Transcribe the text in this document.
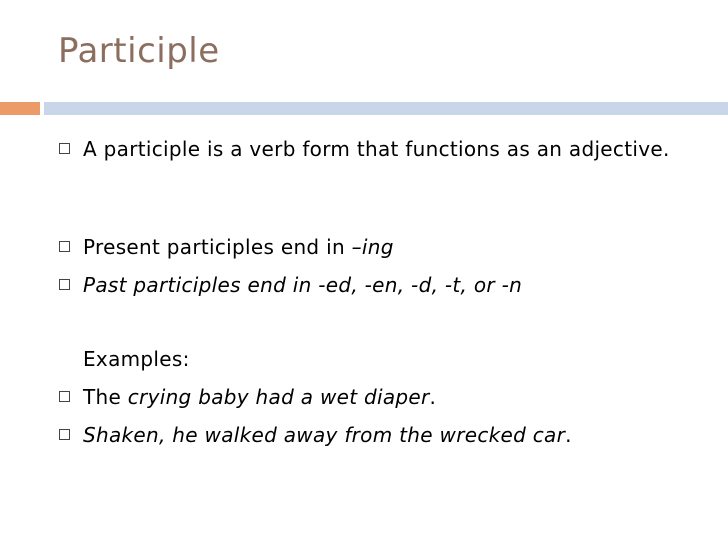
Participle
A participle is a verb form that functions as an adjective.
Present participles end in –ing
Past participles end in -ed, -en, -d, -t, or -n
Examples:
The crying baby had a wet diaper.
Shaken, he walked away from the wrecked car.
